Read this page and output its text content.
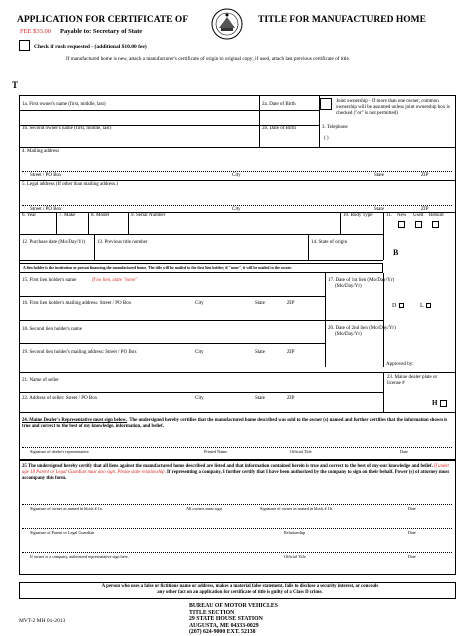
APPLICATION FOR CERTIFICATE OF	TITLE FOR MANUFACTURED HOME
FEE $33.00 Payable to: Secretary of State
Check if rush requested - (additional $10.00 fee)
If manufactured home is new, attach a manufacturer's certificate of origin to original copy; if used, attach last previous certificate of title.
T
1a. First owner's name (first, middle, last)	2a. Date of Birth
Joint ownership - If more than one owner, common ownership will be assumed unless joint ownership box is checked ("or" is not permitted)
1b. Second owner's name (first, middle, last)	2b. Date of Birth	3. Telephone
( )
4. Mailing address
Street / PO Box	City	State	ZIP
5. Legal address (If other than mailing address.)
Street / PO Box	City	State	ZIP
6. Year	7. Make	8. Model	9. Serial Number	10. Body Type	11. New Used Rebuilt
12. Purchase date (Mo/Day/Yr) 13. Previous title number	14. State of origin
B
A lien holder is the institution or person financing the manufactured home. The title will be mailed to the first lien holder; if "none", it will be mailed to the owner.
15. First lien holder's name	If no lien, state "none"	17. Date of 1st lien (Mo/Day/Yr)
(Mo/Day/Yr)
16. First lien holder's mailing address: Street / PO Box	City	State	ZIP	D	L
18. Second lien holder's name	20. Date of 2nd lien (Mo/Day/Yr)
(Mo/Day/Yr)
19. Second lien holder's mailing address: Street / PO Box	City	State	ZIP
Approved by:
21. Name of seller
23. Maine dealer plate or license #
22. Address of seller: Street / PO Box	City	State	ZIP
H
24. Maine Dealer's Representative must sign below. The undersigned hereby certifies that the manufactured home described was sold to the owner (s) named and further certifies that the information shown is true and correct to the best of my knowledge, information, and belief.
Signature of dealer's representative	Printed Name	Official Title	Date
25 The undersigned hereby certify that all liens against the manufactured home described are listed and that information contained herein is true and correct to the best of my-our knowledge and belief. If under age 18 Parent or Legal Guardian must also sign. Please state relationship. If representing a company, I further certify that I have been authorized by the company to sign on their behalf. Power (s) of attorney must accompany this form.
Signature of owner as named in block # 1a.	All owners must sign	Signature of owner as named in block # 1b.	Date
Signature of Parent or Legal Guardian	Relationship	Date
If owner is a company, authorized representative sign here.	Official Title	Date
A person who uses a false or fictitious name or address, makes a material false statement, fails to disclose a security interest, or conceals any other fact on an application for certificate of title is guilty of a Class D crime.
BUREAU OF MOTOR VEHICLES
TITLE SECTION
29 STATE HOUSE STATION
AUGUSTA, ME 04333-0029
(207) 624-9000 EXT. 52138
MVT-2 MH 01-2013
